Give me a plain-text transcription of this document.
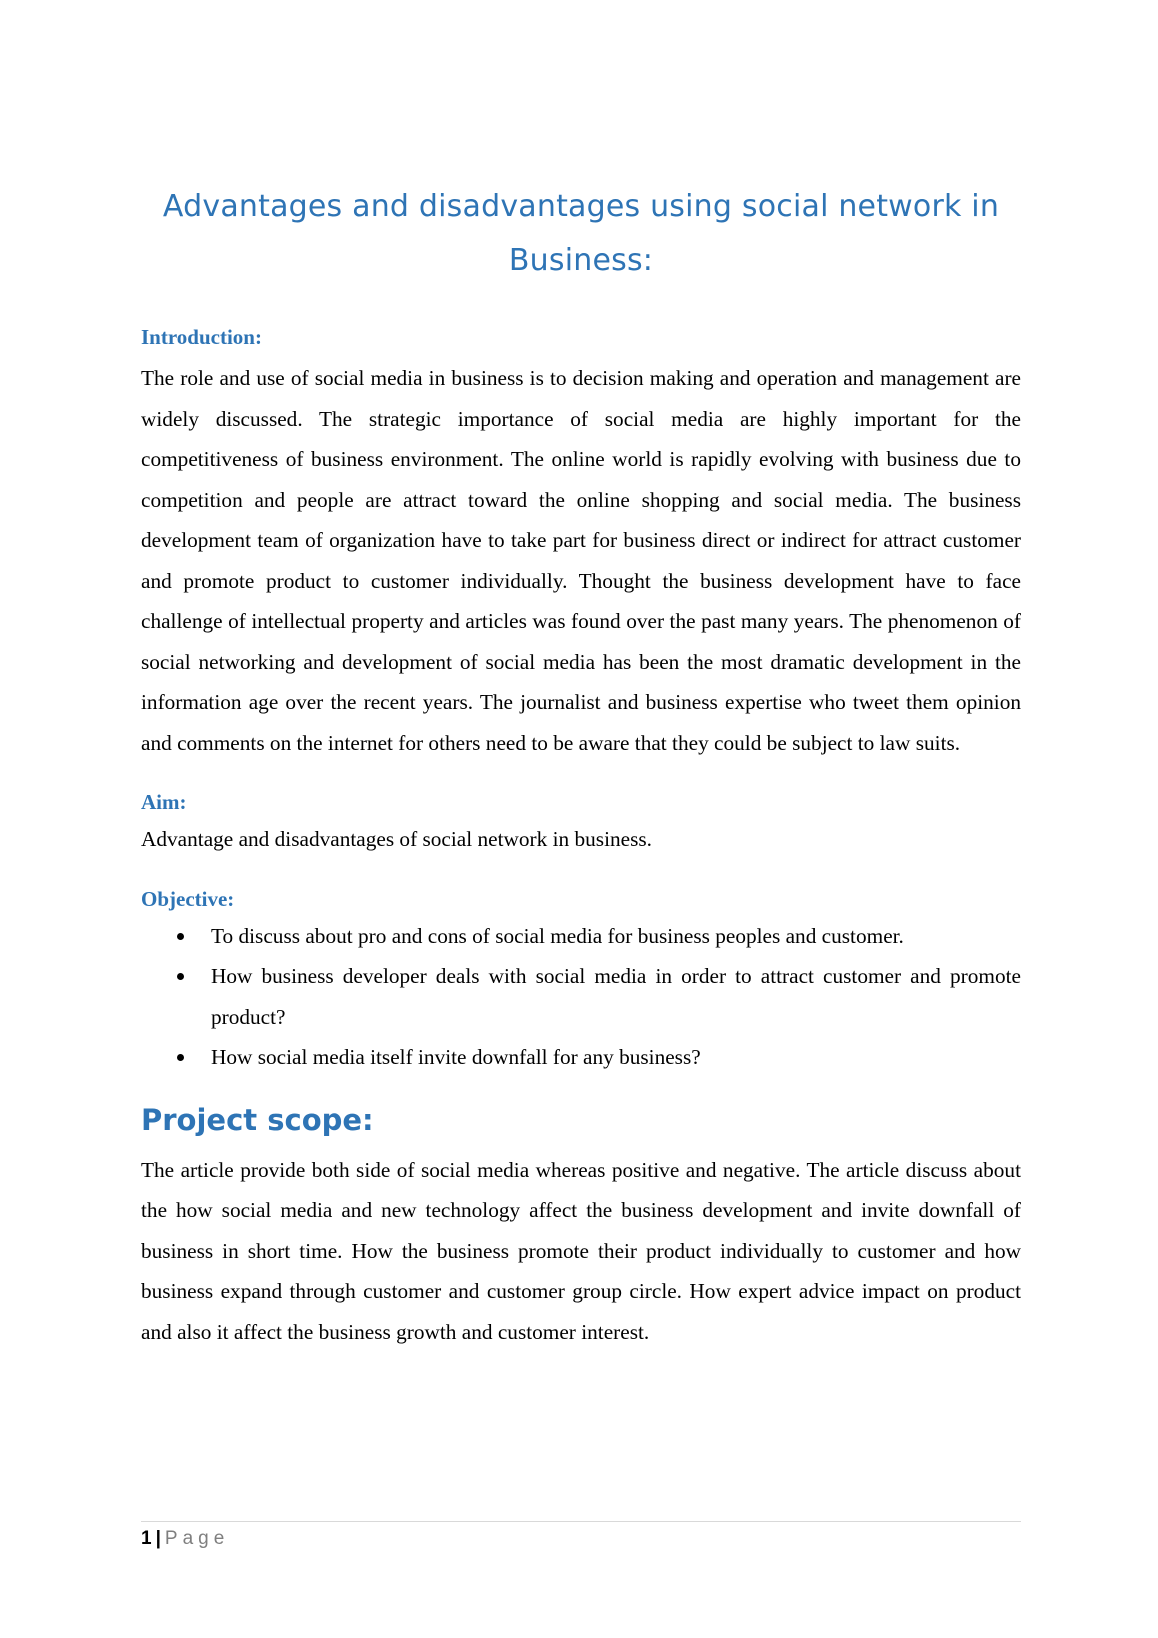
Advantages and disadvantages using social network in Business:
Introduction:

The role and use of social media in business is to decision making and operation and management are widely discussed. The strategic importance of social media are highly important for the competitiveness of business environment. The online world is rapidly evolving with business due to competition and people are attract toward the online shopping and social media. The business development team of organization have to take part for business direct or indirect for attract customer and promote product to customer individually. Thought the business development have to face challenge of intellectual property and articles was found over the past many years. The phenomenon of social networking and development of social media has been the most dramatic development in the information age over the recent years. The journalist and business expertise who tweet them opinion and comments on the internet for others need to be aware that they could be subject to law suits.

Aim:

Advantage and disadvantages of social network in business.

Objective:
To discuss about pro and cons of social media for business peoples and customer.
How business developer deals with social media in order to attract customer and promote product?
How social media itself invite downfall for any business?
Project scope:

The article provide both side of social media whereas positive and negative. The article discuss about the how social media and new technology affect the business development and invite downfall of business in short time. How the business promote their product individually to customer and how business expand through customer and customer group circle. How expert advice impact on product and also it affect the business growth and customer interest.

1 | Page
